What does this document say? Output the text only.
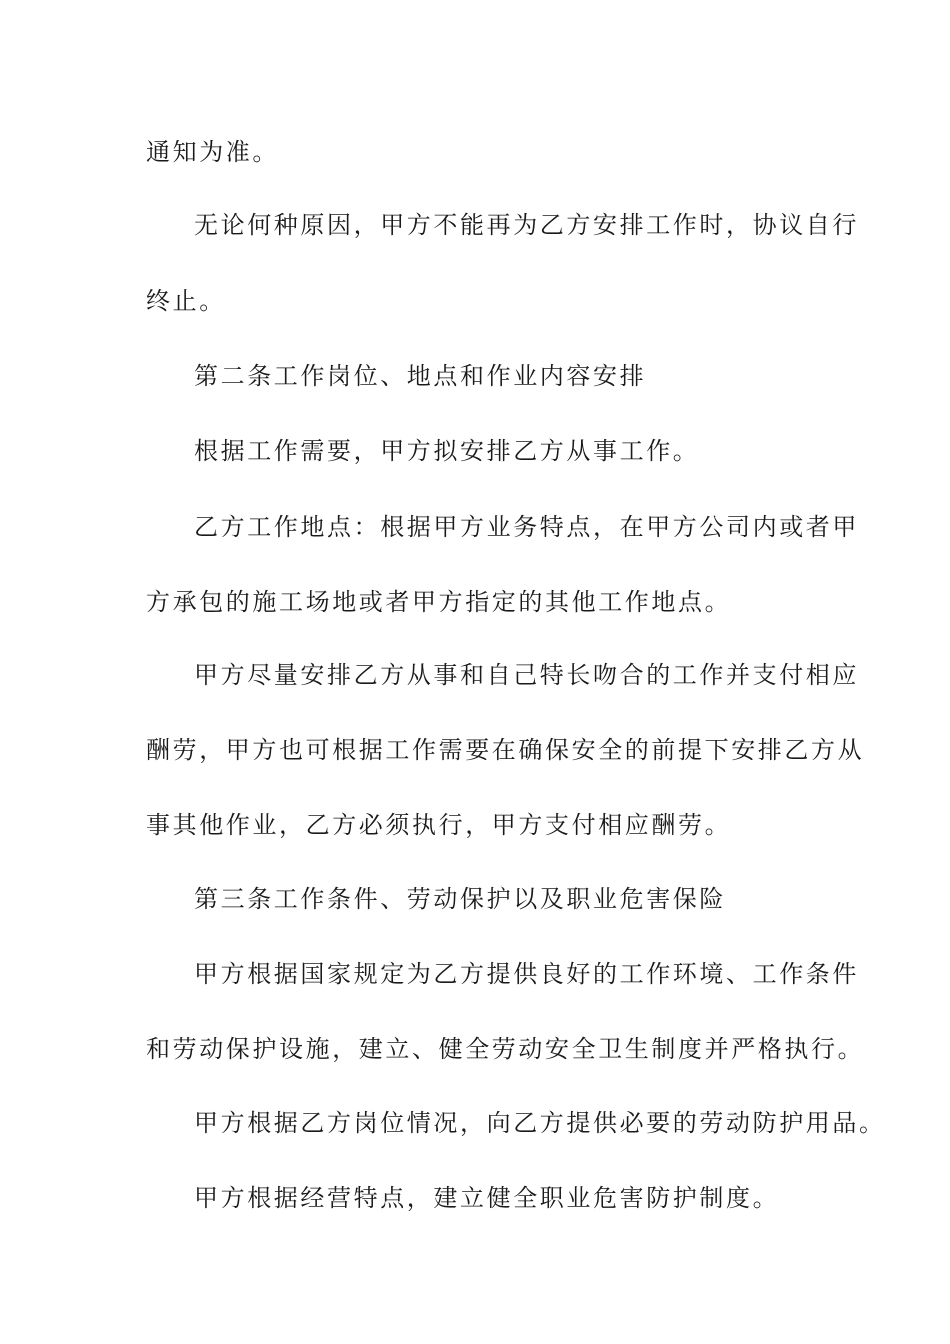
通知为准。
无论何种原因，甲方不能再为乙方安排工作时，协议自行
终止。
第二条工作岗位、地点和作业内容安排
根据工作需要，甲方拟安排乙方从事工作。
乙方工作地点：根据甲方业务特点，在甲方公司内或者甲
方承包的施工场地或者甲方指定的其他工作地点。
甲方尽量安排乙方从事和自己特长吻合的工作并支付相应
酬劳，甲方也可根据工作需要在确保安全的前提下安排乙方从
事其他作业，乙方必须执行，甲方支付相应酬劳。
第三条工作条件、劳动保护以及职业危害保险
甲方根据国家规定为乙方提供良好的工作环境、工作条件
和劳动保护设施，建立、健全劳动安全卫生制度并严格执行。
甲方根据乙方岗位情况，向乙方提供必要的劳动防护用品。
甲方根据经营特点，建立健全职业危害防护制度。
